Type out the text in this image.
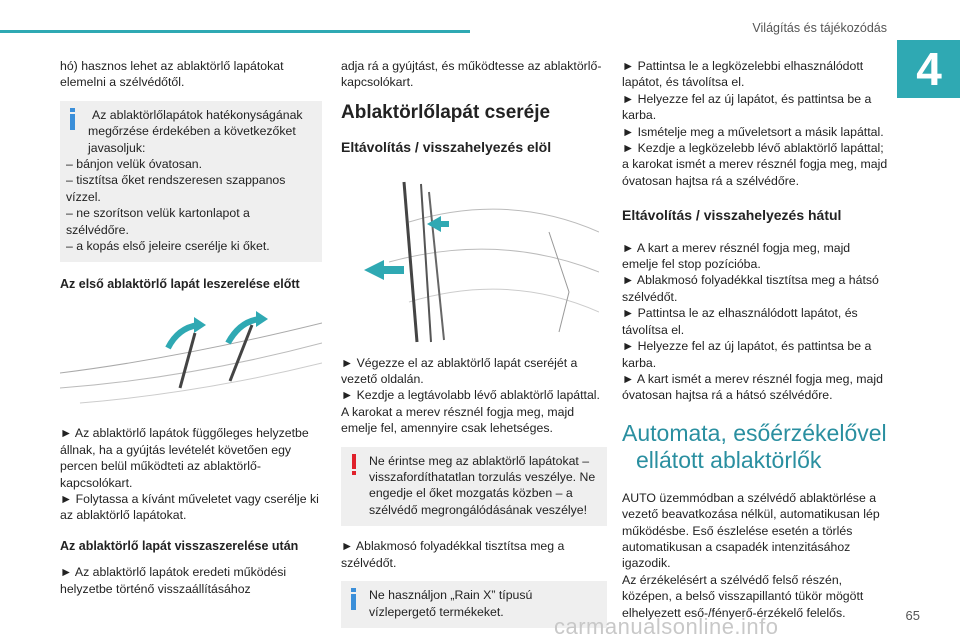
Világítás és tájékozódás
4

hó) hasznos lehet az ablaktörlő lapátokat elemelni a szélvédőtől.

Az ablaktörlőlapátok hatékonyságának

megőrzése érdekében a következőket javasoljuk:

– bánjon velük óvatosan.

– tisztítsa őket rendszeresen szappanos vízzel.

– ne szorítson velük kartonlapot a szélvédőre.

– a kopás első jeleire cserélje ki őket.

Az első ablaktörlő lapát leszerelése előtt

► Az ablaktörlő lapátok függőleges helyzetbe állnak, ha a gyújtás levételét követően egy percen belül működteti az ablaktörlő-kapcsolókart.

► Folytassa a kívánt műveletet vagy cserélje ki az ablaktörlő lapátokat.

Az ablaktörlő lapát visszaszerelése után

► Az ablaktörlő lapátok eredeti működési helyzetbe történő visszaállításához

adja rá a gyújtást, és működtesse az ablaktörlő-kapcsolókart.

Ablaktörlőlapát cseréje
Eltávolítás / visszahelyezés elöl

► Végezze el az ablaktörlő lapát cseréjét a vezető oldalán.

► Kezdje a legtávolabb lévő ablaktörlő lapáttal. A karokat a merev résznél fogja meg, majd emelje fel, amennyire csak lehetséges.

Ne érintse meg az ablaktörlő lapátokat – visszafordíthatatlan torzulás veszélye. Ne engedje el őket mozgatás közben – a szélvédő megrongálódásának veszélye!

► Ablakmosó folyadékkal tisztítsa meg a szélvédőt.

Ne használjon „Rain X” típusú vízlepergető termékeket.

► Pattintsa le a legközelebbi elhasználódott lapátot, és távolítsa el.

► Helyezze fel az új lapátot, és pattintsa be a karba.

► Ismételje meg a műveletsort a másik lapáttal.

► Kezdje a legközelebb lévő ablaktörlő lapáttal; a karokat ismét a merev résznél fogja meg, majd óvatosan hajtsa rá a szélvédőre.

Eltávolítás / visszahelyezés hátul

► A kart a merev résznél fogja meg, majd emelje fel stop pozícióba.

► Ablakmosó folyadékkal tisztítsa meg a hátsó szélvédőt.

► Pattintsa le az elhasználódott lapátot, és távolítsa el.

► Helyezze fel az új lapátot, és pattintsa be a karba.

► A kart ismét a merev résznél fogja meg, majd óvatosan hajtsa rá a hátsó szélvédőre.

Automata, esőérzékelővel
ellátott ablaktörlők

AUTO üzemmódban a szélvédő ablaktörlése a vezető beavatkozása nélkül, automatikusan lép működésbe. Eső észlelése esetén a törlés automatikusan a csapadék intenzitásához igazodik.

Az érzékelésért a szélvédő felső részén, középen, a belső visszapillantó tükör mögött elhelyezett eső-/fényerő-érzékelő felelős.

carmanualsonline.info	65
